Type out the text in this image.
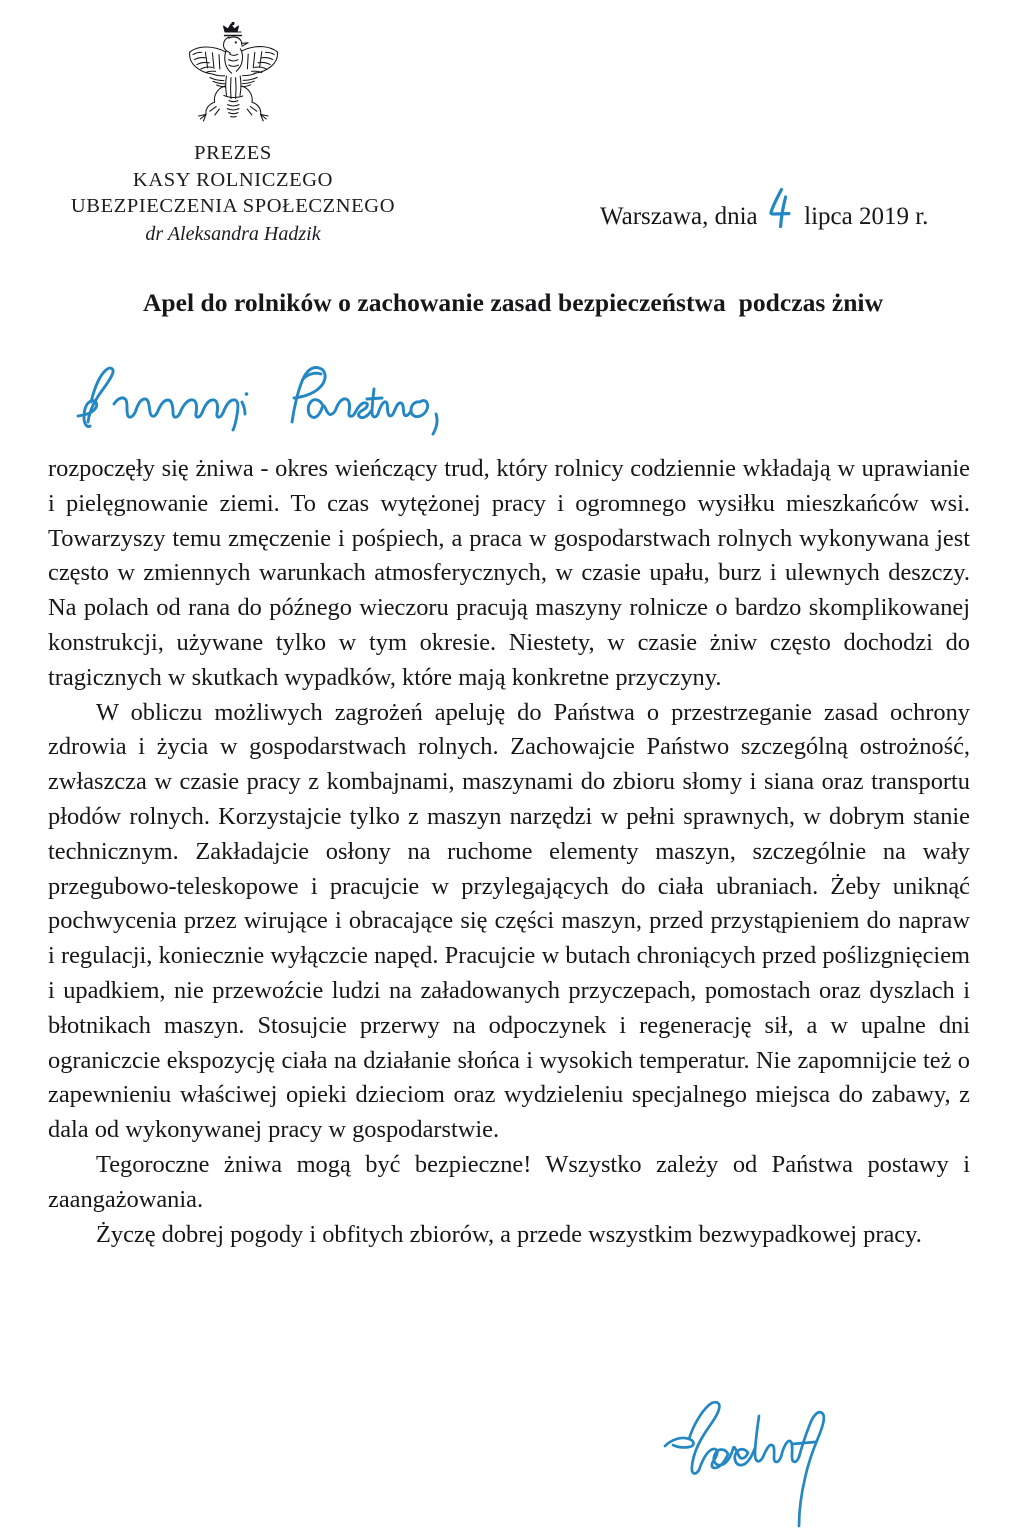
PREZES
KASY ROLNICZEGO
UBEZPIECZENIA SPOŁECZNEGO
dr Aleksandra Hadzik
Warszawa, dnia lipca 2019 r.
Apel do rolników o zachowanie zasad bezpieczeństwa  podczas żniw

rozpoczęły się żniwa - okres wieńczący trud, który rolnicy codziennie wkładają w uprawianie i pielęgnowanie ziemi. To czas wytężonej pracy i ogromnego wysiłku mieszkańców wsi. Towarzyszy temu zmęczenie i pośpiech, a praca w gospodarstwach rolnych wykonywana jest często w zmiennych warunkach atmosferycznych, w czasie upału, burz i ulewnych deszczy. Na polach od rana do późnego wieczoru pracują maszyny rolnicze o bardzo skomplikowanej konstrukcji, używane tylko w tym okresie. Niestety, w czasie żniw często dochodzi do tragicznych w skutkach wypadków, które mają konkretne przyczyny.

W obliczu możliwych zagrożeń apeluję do Państwa o przestrzeganie zasad ochrony zdrowia i życia w gospodarstwach rolnych. Zachowajcie Państwo szczególną ostrożność, zwłaszcza w czasie pracy z kombajnami, maszynami do zbioru słomy i siana oraz transportu płodów rolnych. Korzystajcie tylko z maszyn narzędzi w pełni sprawnych, w dobrym stanie technicznym. Zakładajcie osłony na ruchome elementy maszyn, szczególnie na wały przegubowo-teleskopowe i pracujcie w przylegających do ciała ubraniach. Żeby uniknąć pochwycenia przez wirujące i obracające się części maszyn, przed przystąpieniem do napraw i regulacji, koniecznie wyłączcie napęd. Pracujcie w butach chroniących przed poślizgnięciem i upadkiem, nie przewoźcie ludzi na załadowanych przyczepach, pomostach oraz dyszlach i błotnikach maszyn. Stosujcie przerwy na odpoczynek i regenerację sił, a w upalne dni ograniczcie ekspozycję ciała na działanie słońca i wysokich temperatur. Nie zapomnijcie też o zapewnieniu właściwej opieki dzieciom oraz wydzieleniu specjalnego miejsca do zabawy, z dala od wykonywanej pracy w gospodarstwie.

Tegoroczne żniwa mogą być bezpieczne! Wszystko zależy od Państwa postawy i zaangażowania.

Życzę dobrej pogody i obfitych zbiorów, a przede wszystkim bezwypadkowej pracy.
